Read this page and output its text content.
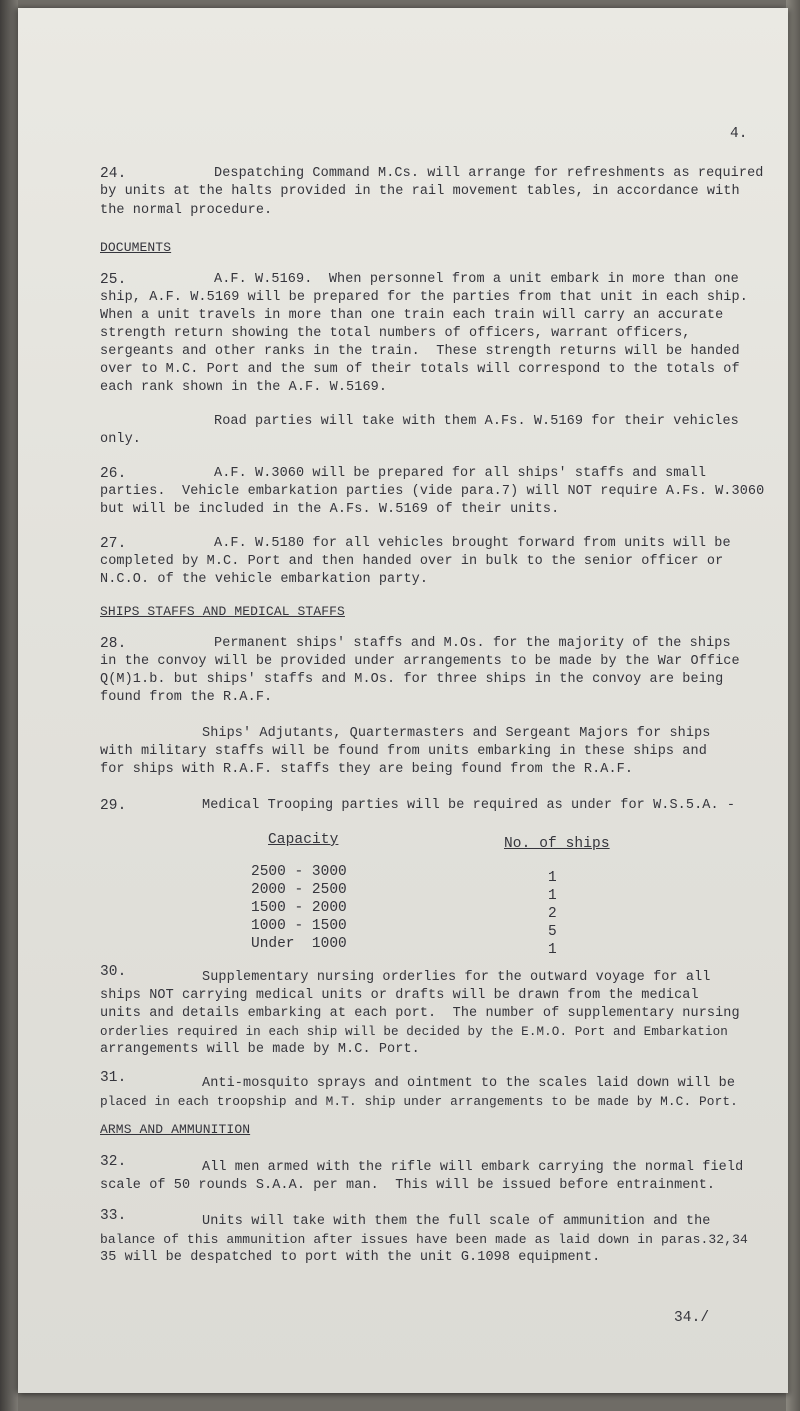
4.
24.	Despatching Command M.Cs. will arrange for refreshments as required
by units at the halts provided in the rail movement tables, in accordance with
the normal procedure.
DOCUMENTS
25.	A.F. W.5169.  When personnel from a unit embark in more than one
ship, A.F. W.5169 will be prepared for the parties from that unit in each ship.
When a unit travels in more than one train each train will carry an accurate
strength return showing the total numbers of officers, warrant officers,
sergeants and other ranks in the train.  These strength returns will be handed
over to M.C. Port and the sum of their totals will correspond to the totals of
each rank shown in the A.F. W.5169.
Road parties will take with them A.Fs. W.5169 for their vehicles
only.
26.	A.F. W.3060 will be prepared for all ships' staffs and small
parties.  Vehicle embarkation parties (vide para.7) will NOT require A.Fs. W.3060
but will be included in the A.Fs. W.5169 of their units.
27.	A.F. W.5180 for all vehicles brought forward from units will be
completed by M.C. Port and then handed over in bulk to the senior officer or
N.C.O. of the vehicle embarkation party.
SHIPS STAFFS AND MEDICAL STAFFS
28.	Permanent ships' staffs and M.Os. for the majority of the ships
in the convoy will be provided under arrangements to be made by the War Office
Q(M)1.b. but ships' staffs and M.Os. for three ships in the convoy are being
found from the R.A.F.
Ships' Adjutants, Quartermasters and Sergeant Majors for ships
with military staffs will be found from units embarking in these ships and
for ships with R.A.F. staffs they are being found from the R.A.F.
29.	Medical Trooping parties will be required as under for W.S.5.A. -
Capacity	No. of ships
2500 - 3000	1
2000 - 2500	1
1500 - 2000	2
1000 - 1500	5
Under  1000	1
30.	Supplementary nursing orderlies for the outward voyage for all
ships NOT carrying medical units or drafts will be drawn from the medical
units and details embarking at each port.  The number of supplementary nursing
orderlies required in each ship will be decided by the E.M.O. Port and Embarkation
arrangements will be made by M.C. Port.
31.	Anti-mosquito sprays and ointment to the scales laid down will be
placed in each troopship and M.T. ship under arrangements to be made by M.C. Port.
ARMS AND AMMUNITION
32.	All men armed with the rifle will embark carrying the normal field
scale of 50 rounds S.A.A. per man.  This will be issued before entrainment.
33.	Units will take with them the full scale of ammunition and the
balance of this ammunition after issues have been made as laid down in paras.32,34
35 will be despatched to port with the unit G.1098 equipment.
34./
